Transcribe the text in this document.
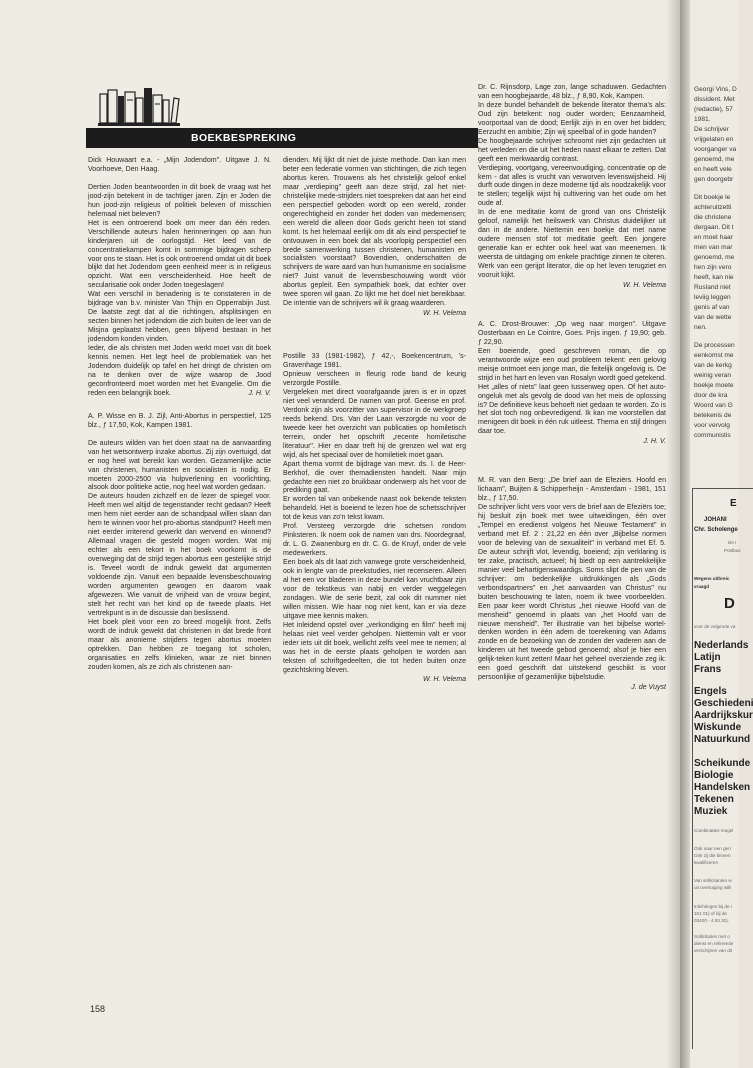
BOEKBESPREKING

Dick Houwaart e.a. - „Mijn Jodendom". Uitgave J. N. Voorhoeve, Den Haag.

Dertien Joden beantwoorden in dit boek de vraag wat het jood-zijn betekent in de tachtiger jaren. Zijn er Joden die hun jood-zijn religieus of politiek beleven of misschien helemaal niet beleven?
Het is een ontroerend boek om meer dan één reden. Verschillende auteurs halen herinneringen op aan hun kinderjaren uit de oorlogstijd. Het leed van de concentratiekampen komt in sommige bijdragen scherp voor ons te staan. Het is ook ontroerend omdat uit dit boek blijkt dat het Jodendom geen eenheid meer is in religieus opzicht. Wat een verscheidenheid. Hoe heeft de secularisatie ook onder Joden toegeslagen!
Wat een verschil in benadering is te constateren in de bijdrage van b.v. minister Van Thijn en Opperrabijn Just. De laatste zegt dat al die richtingen, afsplitsingen en secten binnen het jodendom die zich buiten de leer van de Misjna geplaatst hebben, geen blijvend bestaan in het jodendom konden vinden.
Ieder, die als christen met Joden werkt moet van dit boek kennis nemen. Het legt heel de problematiek van het Jodendom duidelijk op tafel en het dringt de christen om na te denken over de wijze waarop de Jood geconfronteerd moet worden met het Evangelie. Om die reden een belangrijk boek.	J. H. V.

A. P. Wisse en B. J. Zijl, Anti-Abortus in perspectief, 125 blz., ƒ 17,50, Kok, Kampen 1981.

De auteurs wilden van het doen staat na de aanvaarding van het wetsontwerp inzake abortus. Zij zijn overtuigd, dat er nog heel wat bereikt kan worden. Gezamenlijke actie van christenen, humanisten en socialisten is nodig. Er moeten 2000-2500 via hulpverlening en voorlichting, alsook door politieke actie, nog heel wat worden gedaan.
De auteurs houden zichzelf en de lezer de spiegel voor. Heeft men wel altijd de tegenstander recht gedaan? Heeft men hem niet eerder aan de schandpaal willen slaan dan hem te winnen voor het pro-abortus standpunt? Heeft men niet eerder irriterend gewerkt dan wervend en winnend? Allemaal vragen die gesteld mogen worden. Wat mij echter als een tekort in het boek voorkomt is de overweging dat de strijd tegen abortus een gestelijke strijd is. Teveel wordt de indruk gewekt dat argumenten voldoende zijn. Vanuit een bepaalde levensbeschouwing worden argumenten gewogen en daarom vaak afgewezen. Wie vanuit de vrijheid van de vrouw begint, stelt het recht van het kind op de tweede plaats. Het vertrekpunt is in de discussie dan beslissend.
Het boek pleit voor een zo breed mogelijk front. Zelfs wordt de indruk gewekt dat christenen in dat brede front maar als anonieme strijders tegen abortus moeten optrekken. Dan hebben ze toegang tot scholen, organisaties en zelfs klinieken, waar ze niet binnen zouden komen, als ze zich als christenen aan-

dienden. Mij lijkt dit niet de juiste methode. Dan kan men beter een federatie vormen van stichtingen, die zich tegen abortus keren. Trouwens als het christelijk geloof enkel maar „verdieping" geeft aan deze strijd, zal het niet-christelijke mede-strijders niet toespreken dat aan het eind een perspectief geboden wordt op een wereld, zonder ongerechtigheid en zonder het doden van medemensen; een wereld die alleen door Gods gericht heen tot stand komt. Is het helemaal eerlijk om dit als eind perspectief te ontvouwen in een boek dat als voorlopig perspectief een brede samenwerking tussen christenen, humanisten en socialisten voorstaat? Bovendien, onderschatten de schrijvers de ware aard van hun humanisme en socialisme niet? Juist vanuit de levensbeschouwing wordt vóór abortus gepleit. Een sympathiek boek, dat echter over twee sporen wil gaan. Zo lijkt me het doel niet bereikbaar. De intentie van de schrijvers wil ik graag waarderen.

W. H. Velema

Postille 33 (1981-1982), ƒ 42,-, Boekencentrum, 's-Gravenhage 1981.
Opnieuw verscheen in fleurig rode band de keurig verzorgde Postille.
Vergeleken met direct voorafgaande jaren is er in opzet niet veel veranderd. De namen van prof. Geense en prof. Verdonk zijn als voorzitter van supervisor in de werkgroep reeds bekend. Drs. Van der Laan verzorgde nu voor de tweede keer het overzicht van publicaties op homiletisch terrein, onder het opschrift „recente homiletische literatuur". Hier en daar treft hij de grenzen wel wat erg wijd, als het speciaal over de homiletiek moet gaan.
Apart thema vormt de bijdrage van mevr. ds. I. de Heer-Berkhof, die over themadiensten handelt. Naar mijn gedachte een niet zo bruikbaar onderwerp als het voor de prediking gaat.
Er worden tal van onbekende naast ook bekende teksten behandeld. Het is boeiend te lezen hoe de schetsschrijver tot de keus van zo'n tekst kwam.
Prof. Versteeg verzorgde drie schetsen rondom Pinksteren. Ik noem ook de namen van drs. Noordegraaf, dr. L. G. Zwanenburg en dr. C. G. de Kruyf, onder de vele medewerkers.
Een boek als dit laat zich vanwege grote verscheidenheid, ook in lengte van de preekstudies, niet recenseren. Alleen al het een vor bladeren in deze bundel kan vruchtbaar zijn voor de tekstkeus van nabij en verder weggelegen zondagen. Wie de serie bezit, zal ook dit nummer niet willen missen. Wie haar nog niet kent, kan er via deze uitgave mee kennis maken.
Het inleidend opstel over „verkondiging en film" heeft mij helaas niet veel verder geholpen. Niettemin valt er voor ieder iets uit dit boek, wellicht zelfs veel mee te nemen; al was het in de eerste plaats geholpen te worden aan teksten of schriftgedeelten, die tot heden buiten onze gezichtskring bleven.

W. H. Velema

Dr. C. Rijnsdorp, Lage zon, lange schaduwen. Gedachten van een hoogbejaarde, 48 blz., ƒ 8,90, Kok, Kampen.
In deze bundel behandelt de bekende literator thema's als: Oud zijn betekent: nog ouder worden; Eenzaamheid, voorportaal van de dood; Eerlijk zijn in en over het bidden; Eerzucht en ambitie; Zijn wij speelbal of in gode handen?
De hoogbejaarde schrijver schroomt niet zijn gedachten uit het verleden en die uit het heden naast elkaar te zetten. Dat geeft een merkwaardig contrast.
Verdieping, voortgang, vereenvoudiging, concentratie op de kern - dat alles is vrucht van verworven levenswijsheid. Hij durft oude dingen in deze moderne tijd als noodzakelijk voor te stellen; tegelijk wijst hij cultivering van het oude om het oude af.
In de ene meditatie komt de grond van ons Christelijk geloof, namelijk het heilswerk van Christus duidelijker uit dan in de andere. Niettemin een boekje dat met name oudere mensen stof tot meditatie geeft. Een jongere generatie kan er echter ook heel wat van meenemen. Ik weersta de uitdaging om enkele prachtige zinnen te citeren. Werk van een gerijpt literator, die op het leven terugziet en vooruit kijkt.

W. H. Velema

A. C. Drost-Brouwer: „Op weg naar morgen". Uitgave Oosterbaan en Le Cointre, Goes. Prijs ingen. ƒ 19,90; geb. ƒ 22,90.
Een boeiende, goed geschreven roman, die op verantwoorde wijze een oud probleem tekent: een gelovig meisje ontmoet een jonge man, die feitelijk ongelovig is. De strijd in het hart en leven van Rosalyn wordt goed getekend. Het „alles of niets" laat geen tussenweg open. Of het auto-ongeluk met als gevolg de dood van het meis de oplossing is? De definitieve keus behoeft niet gedaan te worden. Zo is het slot toch nog onbevredigend. Ik kan me voorstellen dat menigeen dit boek in één ruk uitleest. Thema en stijl dringen daar toe.

J. H. V.

M. R. van den Berg: „De brief aan de Efeziërs. Hoofd en lichaam", Buijten & Schipperheijn - Amsterdam - 1981, 151 blz., ƒ 17,50.
De schrijver licht vers voor vers de brief aan de Efeziërs toe; hij besluit zijn boek met twee uitweidingen, één over „Tempel en eredienst volgens het Nieuwe Testament" in verband met Ef. 2 : 21,22 en één over „Bijbelse normen voor de beleving van de sexualiteit" in verband met Ef. 5. De auteur schrijft vlot, levendig, boeiend; zijn verklaring is ter zake, practisch, actueel; hij biedt op een aantrekkelijke manier veel behartigenswaardigs. Soms slipt de pen van de schrijver: om bedenkelijke uitdrukkingen als „Gods verbondspartners" en „het aanvaarden van Christus" nu buiten beschouwing te laten, noem ik twee voorbeelden. Een paar keer wordt Christus „het nieuwe Hoofd van de mensheid" genoemd in plaats van „het Hoofd van de nieuwe mensheid". Ter illustratie van het bijbelse wortel-denken worden in één adem de toerekening van Adams zonde en de bezoeking van de zonden der vaderen aan de kinderen uit het tweede gebod genoemd; alsof je hier een gelijk-teken kunt zetten! Maar het geheel overziende zeg ik: een goed geschrift dat uitstekend geschikt is voor persoonlijke of gezamenlijke bijbelstudie.

J. de Vuyst
158
Georgi Vins, D
dissident. Met
(redactie), 57
1981.
De schrijver
vrijgelaten en
voorganger va
genoemd, me
en heeft vele
gen doorgebr
Dit boekje le
achteruitzetti
die christene
dergaan. Dit t
en moet haar
men van mar
genoemd, me
hen zijn vero
heeft, kan nie
Rusland niet
leviig leggen
genis af van
van de wette
nen.
De processen
eenkomst me
van de kerkg
weinig veran
boekje moete
door de kra
Woord van G
betekenis de
voor vervolg
communistis
E
JOHANI
Chr. Scholenge
De I
Postbus
Wegens uitbreic
vraagd
D
voor de volgende va
Nederlands
Latijn
Frans
Engels
Geschiedeni
Aardrijkskur
Wiskunde
Natuurkund
Scheikunde
Biologie
Handelsken
Tekenen
Muziek
Combinaties mogel
Ook naar een geri
Ook zij die binnen
kwalificeren
Van sollicitanten w
uit overtuiging willi
Inlichtingen bij de i
151 01) of bij de
03420 - 4 93 31).
Sollicitaties met o
dienst en referentie
verschijnen van dit
